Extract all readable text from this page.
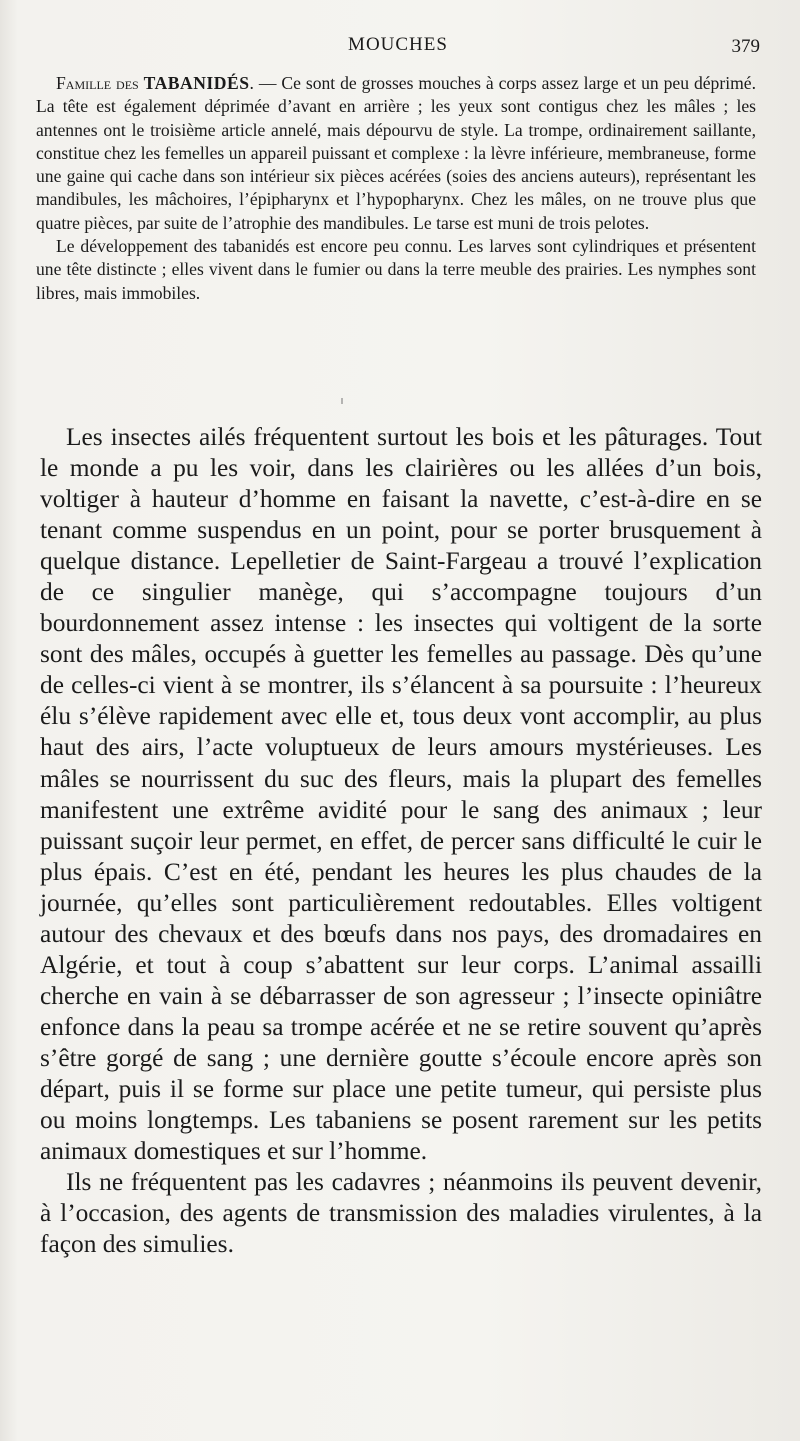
MOUCHES	379

Famille des TABANIDÉS. — Ce sont de grosses mouches à corps assez large et un peu déprimé. La tête est également déprimée d’avant en arrière ; les yeux sont contigus chez les mâles ; les antennes ont le troisième article annelé, mais dépourvu de style. La trompe, ordinairement saillante, constitue chez les femelles un appareil puissant et complexe : la lèvre inférieure, membraneuse, forme une gaine qui cache dans son intérieur six pièces acérées (soies des anciens auteurs), représentant les mandibules, les mâchoires, l’épipharynx et l’hypopharynx. Chez les mâles, on ne trouve plus que quatre pièces, par suite de l’atrophie des mandibules. Le tarse est muni de trois pelotes.

Le développement des tabanidés est encore peu connu. Les larves sont cylindriques et présentent une tête distincte ; elles vivent dans le fumier ou dans la terre meuble des prairies. Les nymphes sont libres, mais immobiles.

Les insectes ailés fréquentent surtout les bois et les pâturages. Tout le monde a pu les voir, dans les clairières ou les allées d’un bois, voltiger à hauteur d’homme en faisant la navette, c’est-à-dire en se tenant comme suspendus en un point, pour se porter brusquement à quelque distance. Lepelletier de Saint-Fargeau a trouvé l’explication de ce singulier manège, qui s’accompagne toujours d’un bourdonnement assez intense : les insectes qui voltigent de la sorte sont des mâles, occupés à guetter les femelles au passage. Dès qu’une de celles-ci vient à se montrer, ils s’élancent à sa poursuite : l’heureux élu s’élève rapidement avec elle et, tous deux vont accomplir, au plus haut des airs, l’acte voluptueux de leurs amours mystérieuses. Les mâles se nourrissent du suc des fleurs, mais la plupart des femelles manifestent une extrême avidité pour le sang des animaux ; leur puissant suçoir leur permet, en effet, de percer sans difficulté le cuir le plus épais. C’est en été, pendant les heures les plus chaudes de la journée, qu’elles sont particulièrement redoutables. Elles voltigent autour des chevaux et des bœufs dans nos pays, des dromadaires en Algérie, et tout à coup s’abattent sur leur corps. L’animal assailli cherche en vain à se débarrasser de son agresseur ; l’insecte opiniâtre enfonce dans la peau sa trompe acérée et ne se retire souvent qu’après s’être gorgé de sang ; une dernière goutte s’écoule encore après son départ, puis il se forme sur place une petite tumeur, qui persiste plus ou moins longtemps. Les tabaniens se posent rarement sur les petits animaux domestiques et sur l’homme.

Ils ne fréquentent pas les cadavres ; néanmoins ils peuvent devenir, à l’occasion, des agents de transmission des maladies virulentes, à la façon des simulies.
